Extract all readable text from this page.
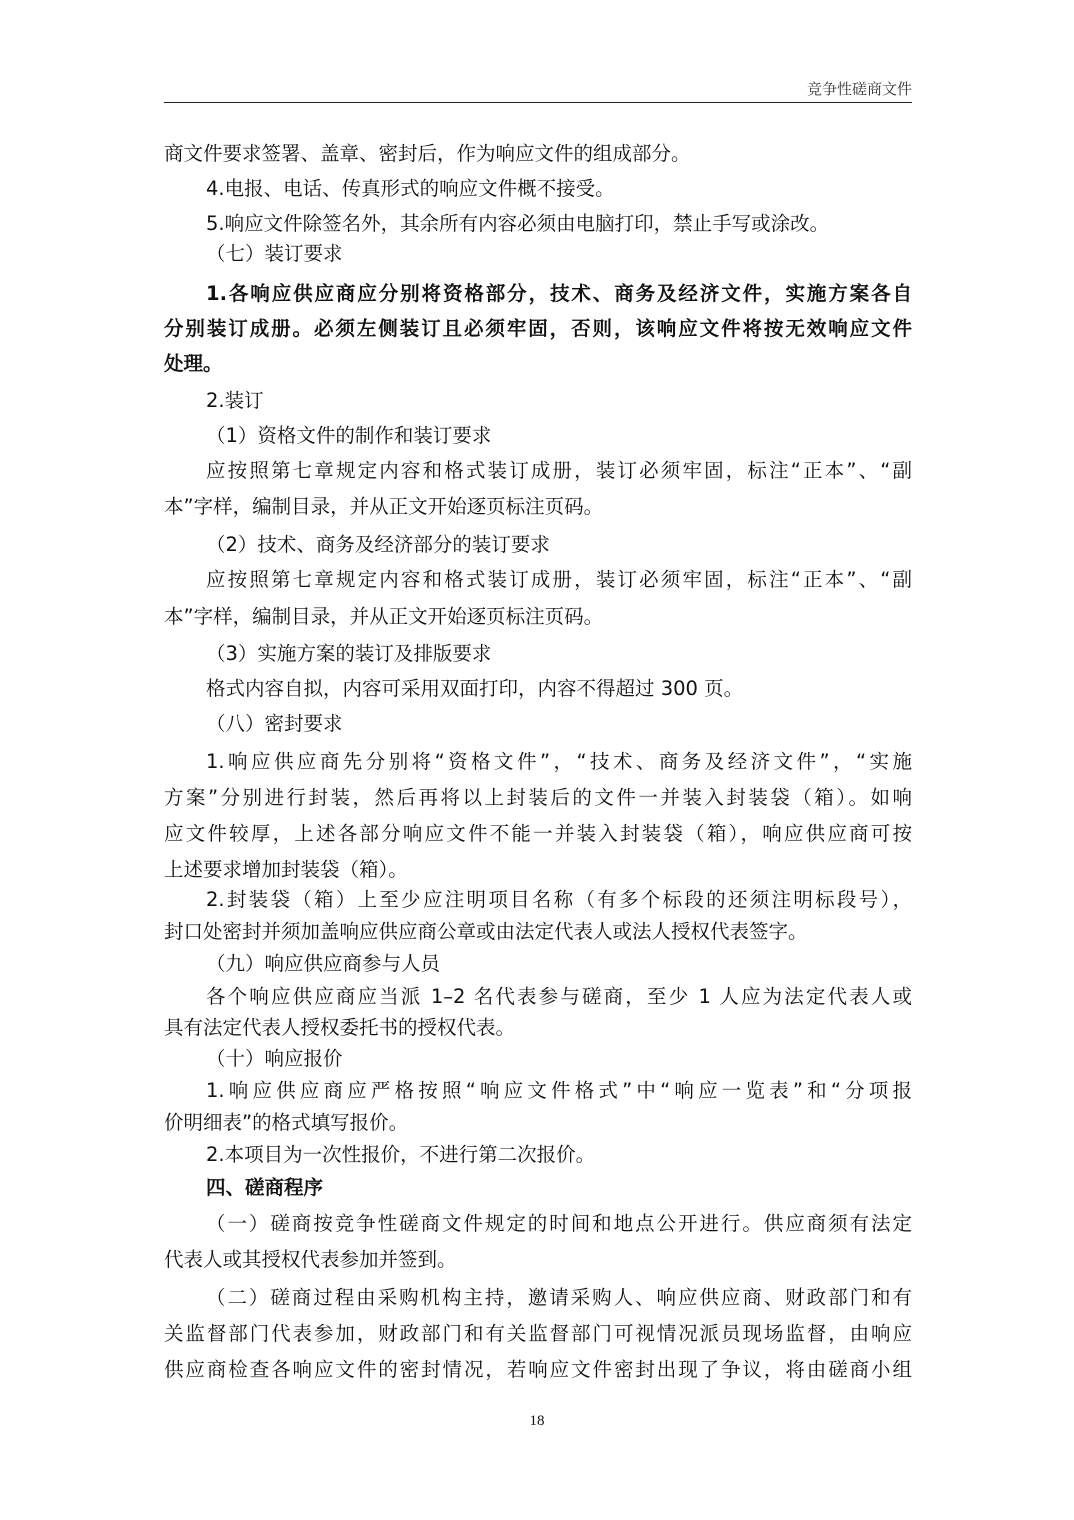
竞争性磋商文件
商文件要求签署、盖章、密封后，作为响应文件的组成部分。
4.电报、电话、传真形式的响应文件概不接受。
5.响应文件除签名外，其余所有内容必须由电脑打印，禁止手写或涂改。
（七）装订要求
1.各响应供应商应分别将资格部分，技术、商务及经济文件，实施方案各自
分别装订成册。必须左侧装订且必须牢固，否则，该响应文件将按无效响应文件
处理。
2.装订
（1）资格文件的制作和装订要求
应按照第七章规定内容和格式装订成册，装订必须牢固，标注“正本”、“副
本”字样，编制目录，并从正文开始逐页标注页码。
（2）技术、商务及经济部分的装订要求
应按照第七章规定内容和格式装订成册，装订必须牢固，标注“正本”、“副
本”字样，编制目录，并从正文开始逐页标注页码。
（3）实施方案的装订及排版要求
格式内容自拟，内容可采用双面打印，内容不得超过 300 页。
（八）密封要求
1.响应供应商先分别将“资格文件”，“技术、商务及经济文件”，“实施
方案”分别进行封装，然后再将以上封装后的文件一并装入封装袋（箱）。如响
应文件较厚，上述各部分响应文件不能一并装入封装袋（箱），响应供应商可按
上述要求增加封装袋（箱）。
2.封装袋（箱）上至少应注明项目名称（有多个标段的还须注明标段号），
封口处密封并须加盖响应供应商公章或由法定代表人或法人授权代表签字。
（九）响应供应商参与人员
各个响应供应商应当派 1–2 名代表参与磋商，至少 1 人应为法定代表人或
具有法定代表人授权委托书的授权代表。
（十）响应报价
1.响应供应商应严格按照“响应文件格式”中“响应一览表”和“分项报
价明细表”的格式填写报价。
2.本项目为一次性报价，不进行第二次报价。
四、磋商程序
（一）磋商按竞争性磋商文件规定的时间和地点公开进行。供应商须有法定
代表人或其授权代表参加并签到。
（二）磋商过程由采购机构主持，邀请采购人、响应供应商、财政部门和有
关监督部门代表参加，财政部门和有关监督部门可视情况派员现场监督，由响应
供应商检查各响应文件的密封情况，若响应文件密封出现了争议，将由磋商小组
18
